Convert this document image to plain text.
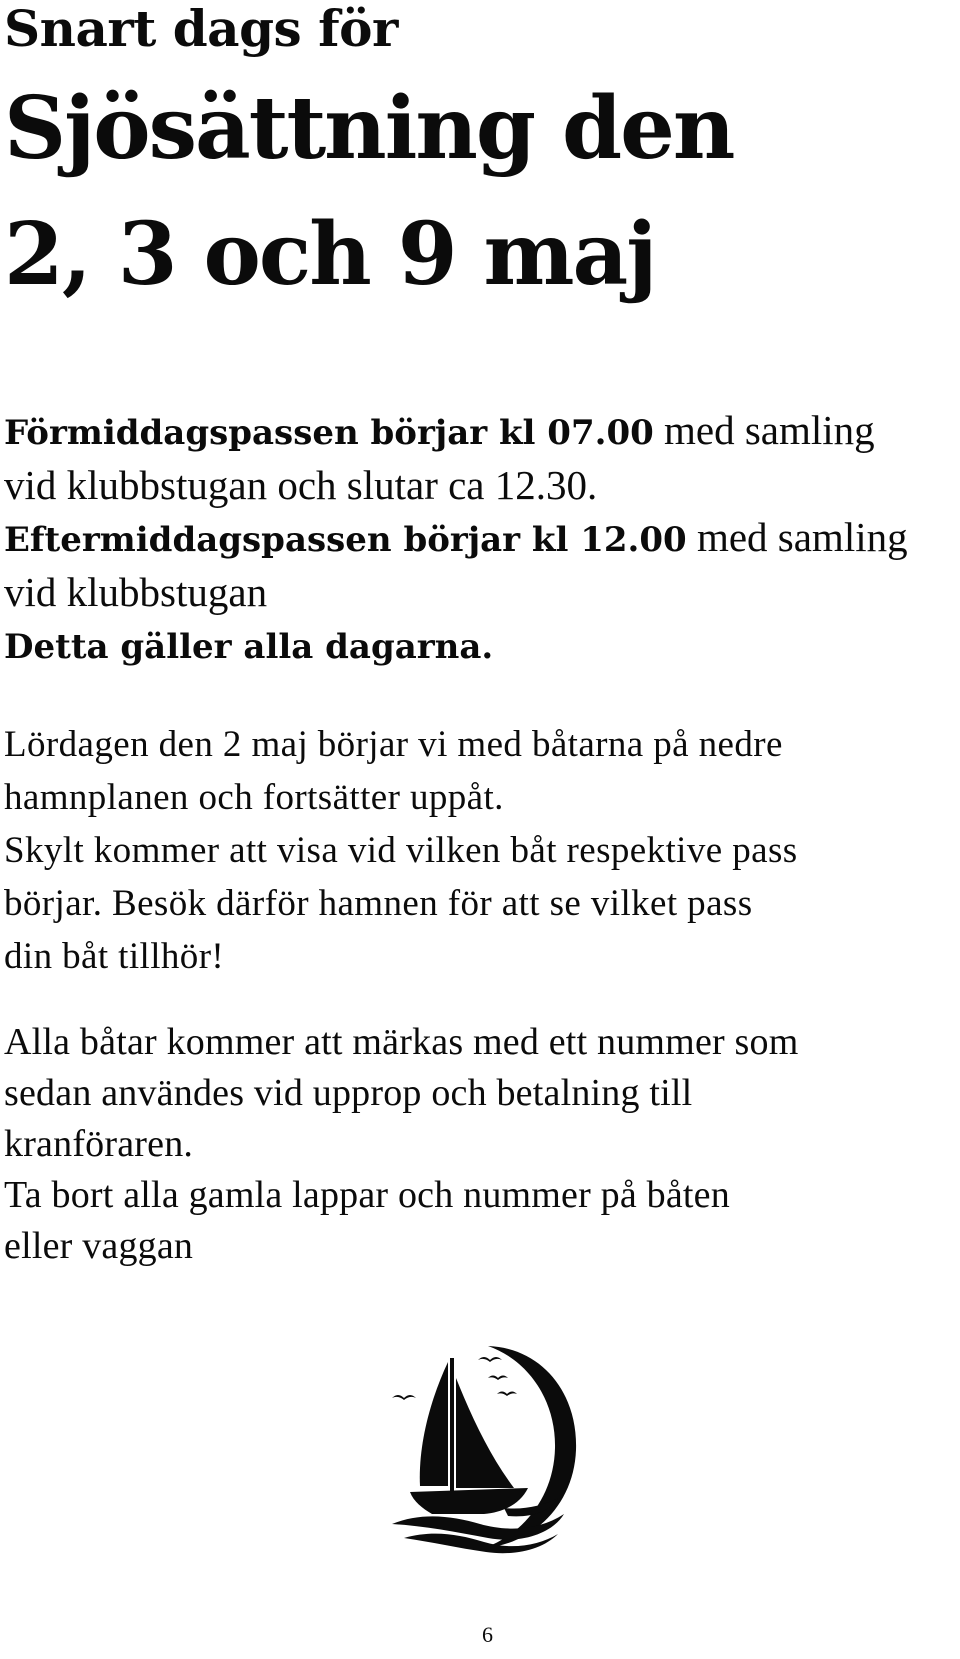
Snart dags för
Sjösättning den
2, 3 och 9 maj
Förmiddagspassen börjar kl 07.00 med samling
vid klubbstugan och slutar ca 12.30.
Eftermiddagspassen börjar kl 12.00 med samling
vid klubbstugan
Detta gäller alla dagarna.
Lördagen den 2 maj börjar vi med båtarna på nedre
hamnplanen och fortsätter uppåt.
Skylt kommer att visa vid vilken båt respektive pass
börjar. Besök därför hamnen för att se vilket pass
din båt tillhör!
Alla båtar kommer att märkas med ett nummer som
sedan användes vid upprop och betalning till
kranföraren.
Ta bort alla gamla lappar och nummer på båten
eller vaggan
6
